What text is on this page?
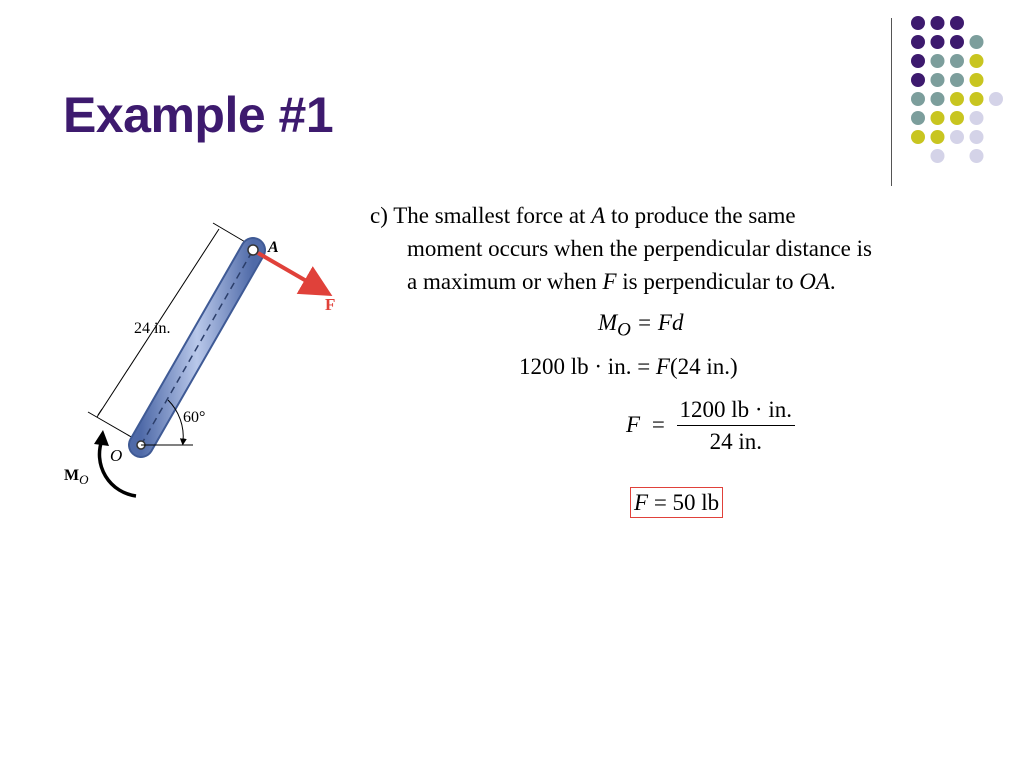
Example #1
c) The smallest force at A to produce the same
moment occurs when the perpendicular distance is
a maximum or when F is perpendicular to OA.
$M_O = Fd$
1200 lb · in. = F(24 in.)
$F = \frac{1200 lb \cdot in.}{24 in.}$
F = 50 lb
A
F
24 in.
60°
O
$M_O$
